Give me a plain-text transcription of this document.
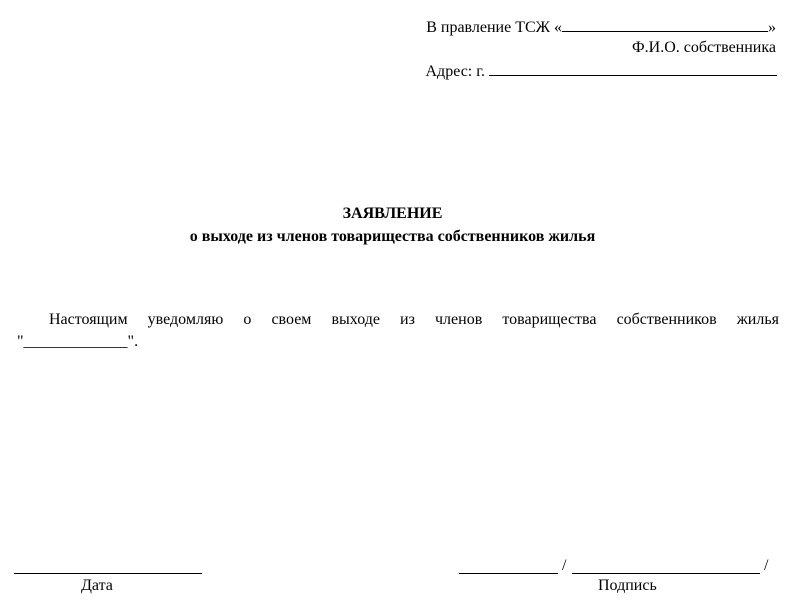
В правление ТСЖ «	»
Ф.И.О. собственника
Адрес: г.
ЗАЯВЛЕНИЕ
о выходе из членов товарищества собственников жилья
Настоящим уведомляю о своем выходе из членов товарищества собственников жилья
"_____________".
Дата
/	/
Подпись
